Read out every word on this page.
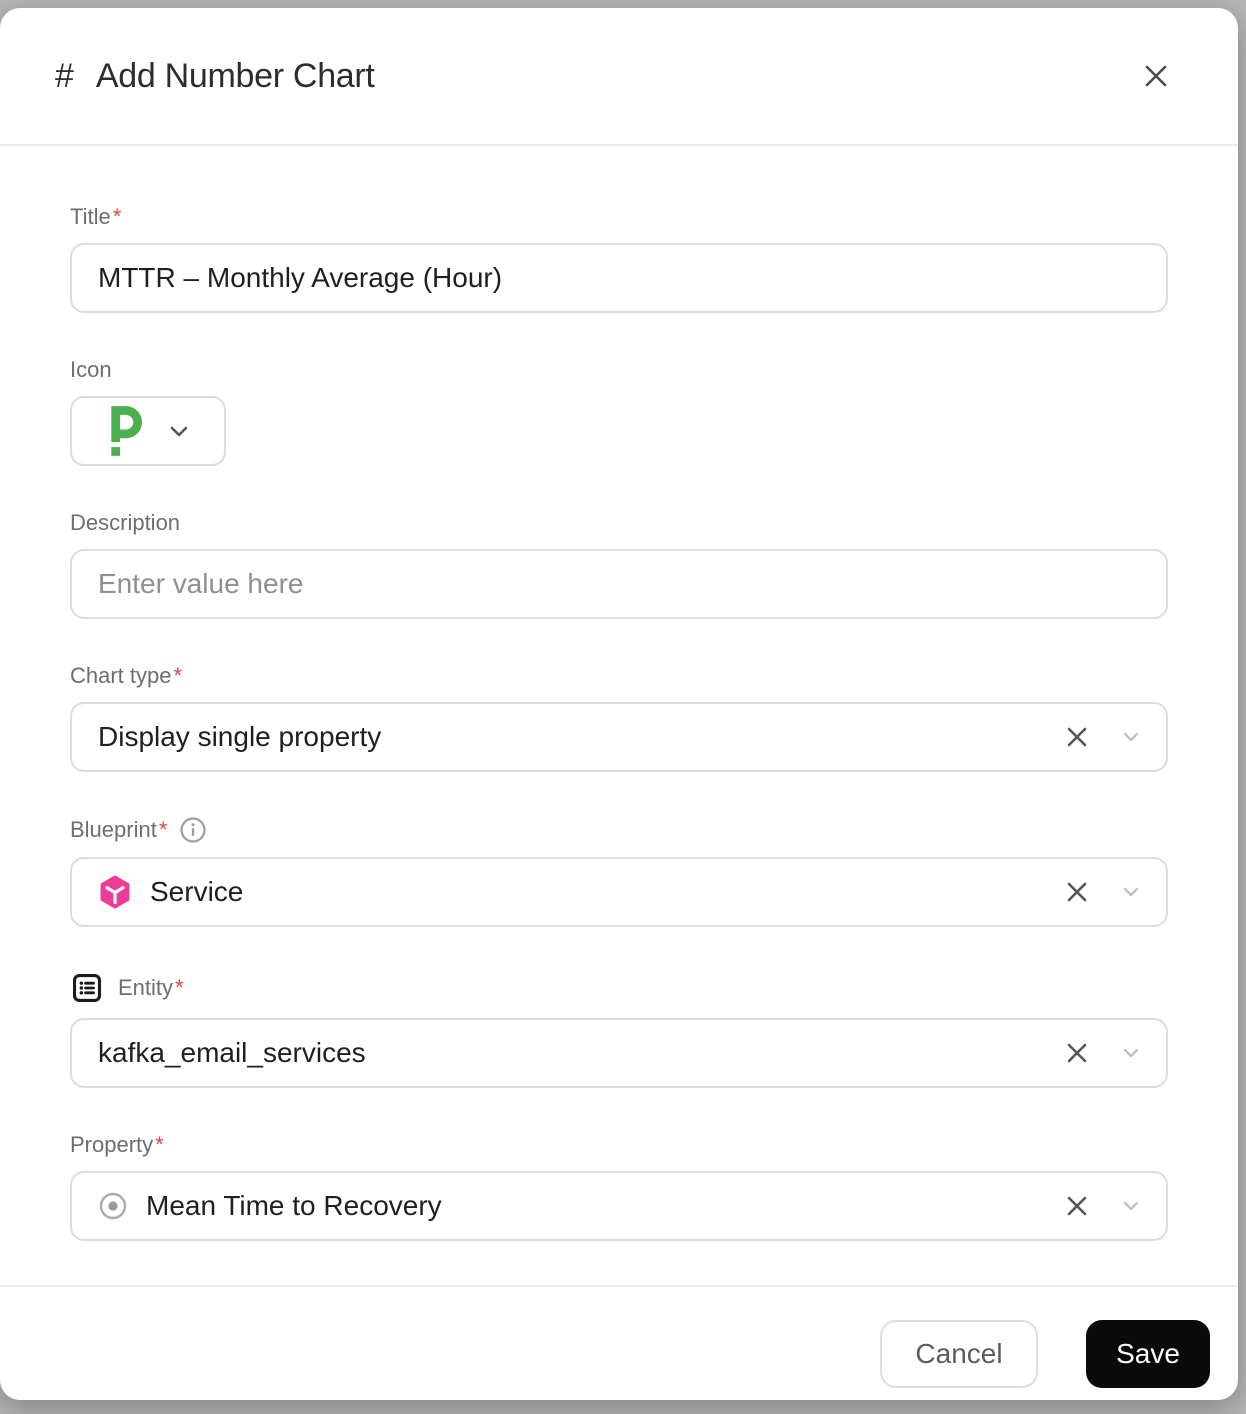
# Add Number Chart
Title *
MTTR – Monthly Average (Hour)
Icon
Description
Enter value here
Chart type *
Display single property
Blueprint *
Service
Entity *
kafka_email_services
Property *
Mean Time to Recovery
Cancel	Save
